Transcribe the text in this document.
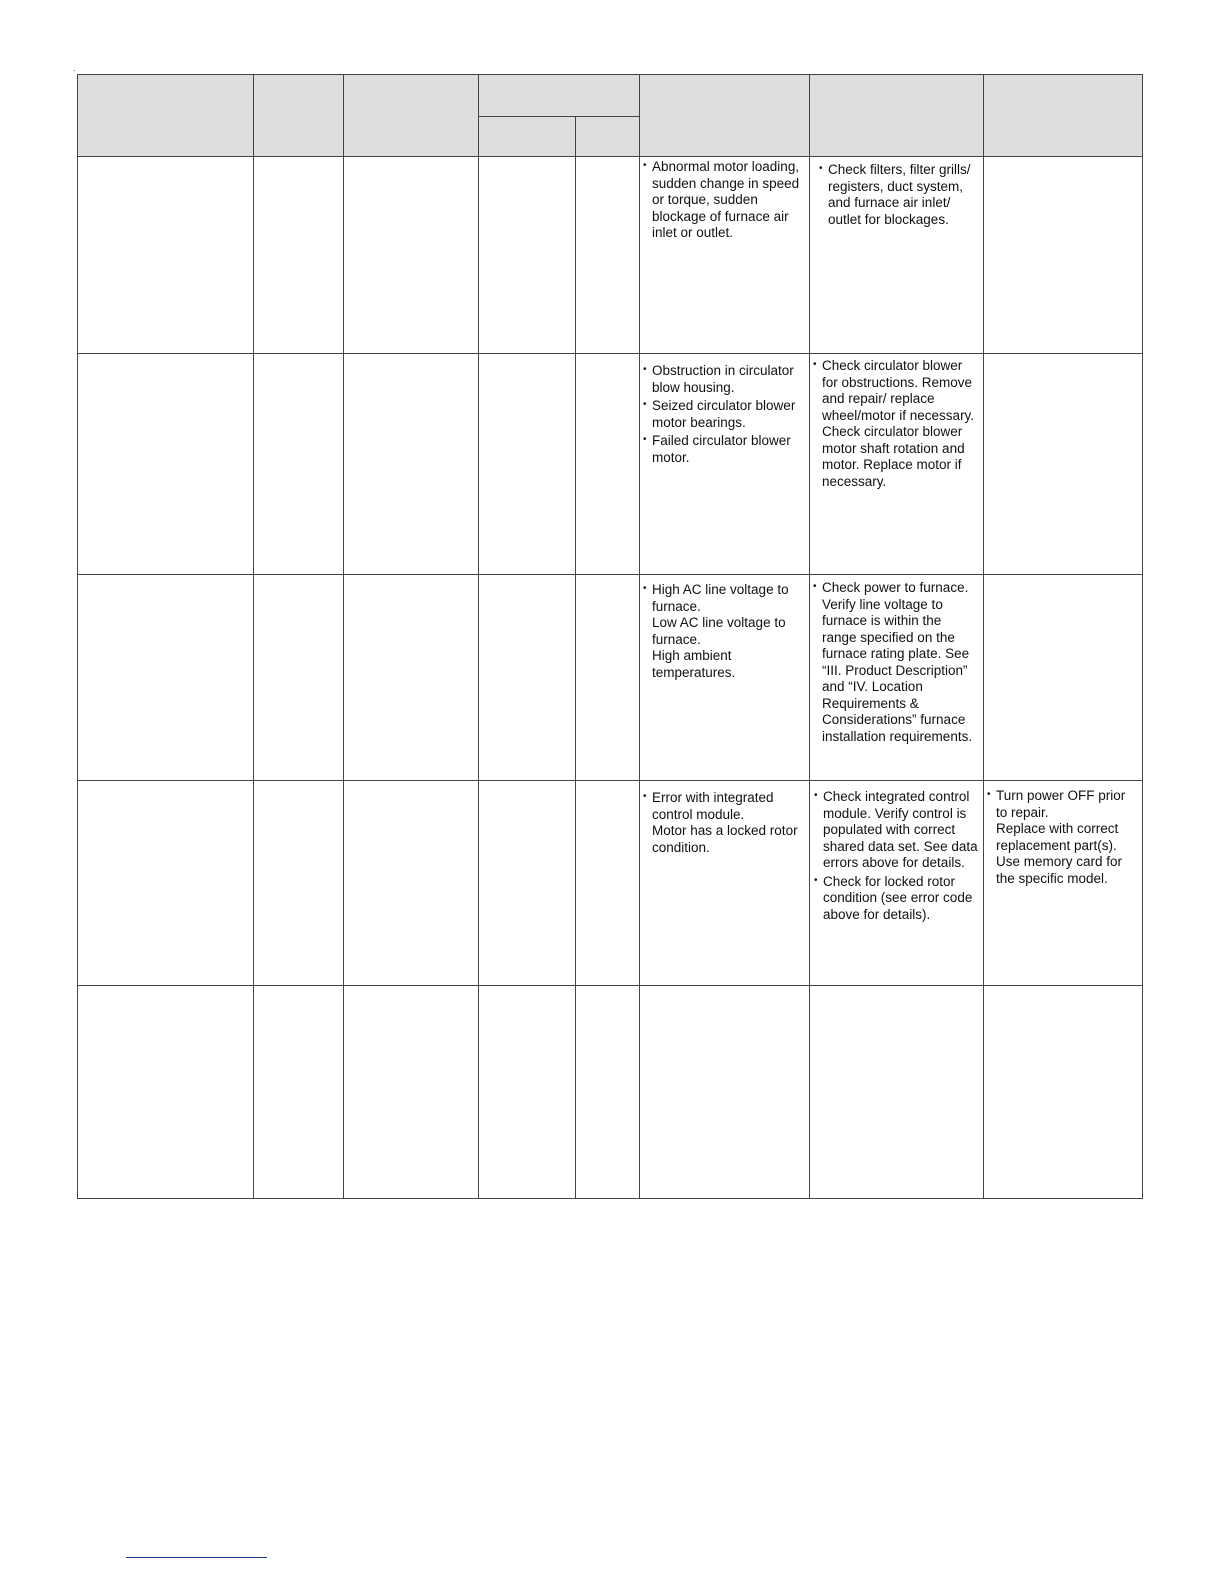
• Abnormal motor loading, sudden change in speed or torque, sudden blockage of furnace air inlet or outlet.
• Check filters, filter grills/ registers, duct system, and furnace air inlet/ outlet for blockages.
• Obstruction in circulator blow housing.
• Seized circulator blower motor bearings.
• Failed circulator blower motor.
• Check circulator blower for obstructions. Remove and repair/ replace wheel/motor if necessary.
Check circulator blower motor shaft rotation and motor. Replace motor if necessary.
• High AC line voltage to furnace.
Low AC line voltage to furnace.
High ambient temperatures.
• Check power to furnace. Verify line voltage to furnace is within the range specified on the furnace rating plate. See “III. Product Description” and “IV. Location Requirements & Considerations” furnace installation requirements.
• Error with integrated control module.
Motor has a locked rotor condition.
• Check integrated control module. Verify control is populated with correct shared data set. See data errors above for details.
• Check for locked rotor condition (see error code above for details).
• Turn power OFF prior to repair.
Replace with correct replacement part(s).
Use memory card for the specific model.
